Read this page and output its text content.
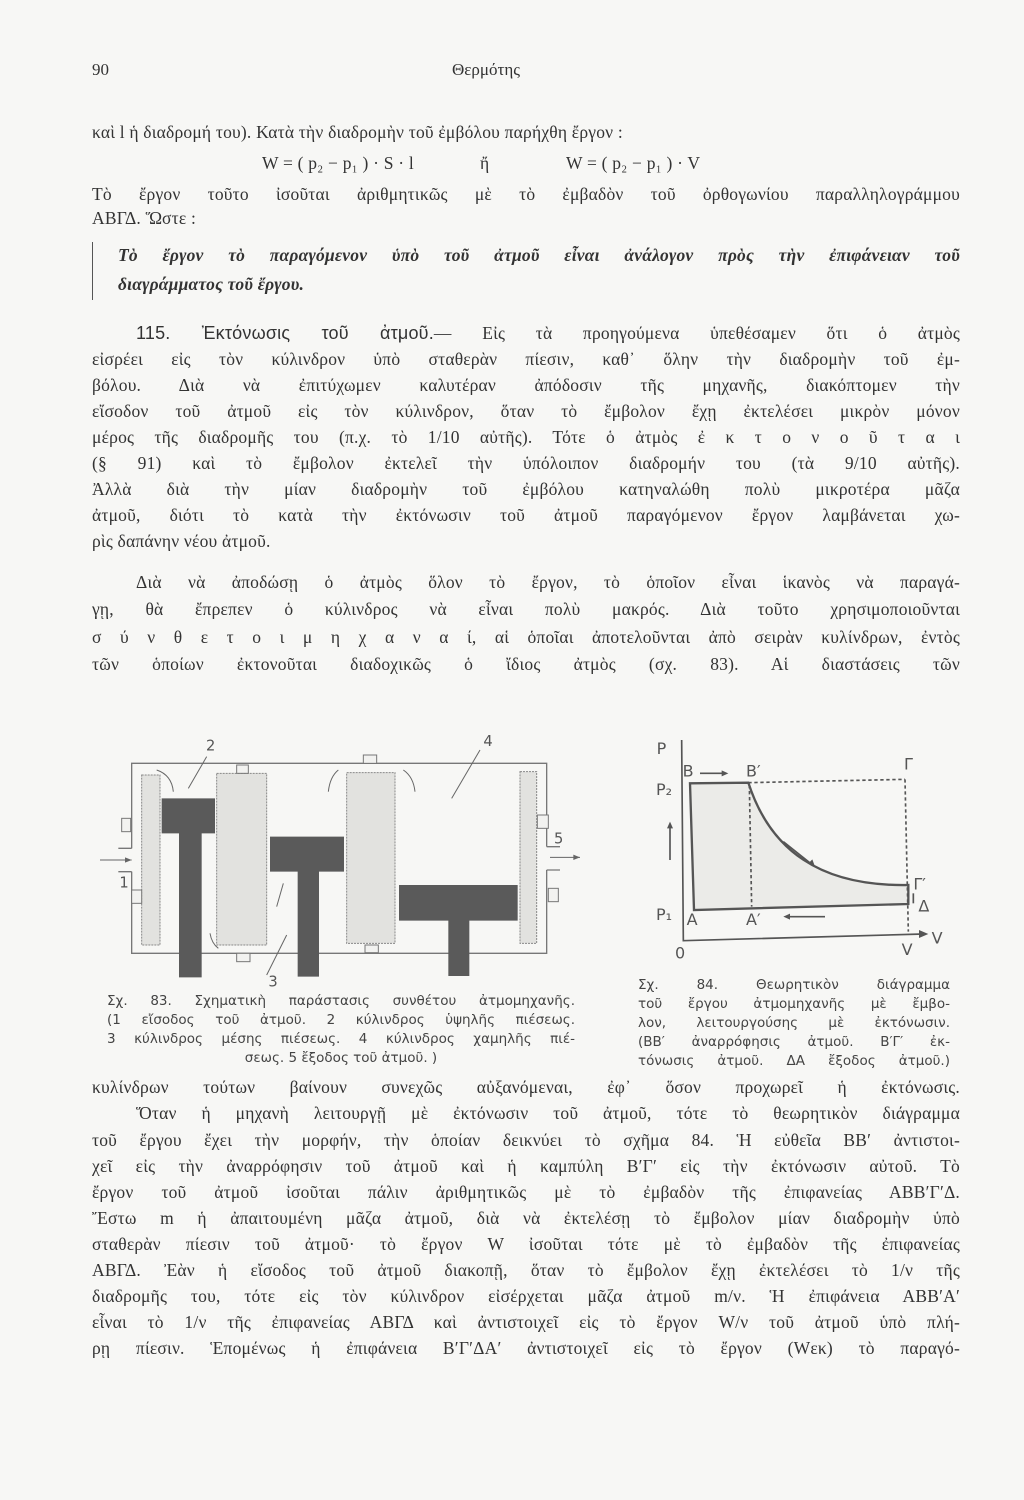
90	Θερμότης
καὶ l ἡ διαδρομή του). Κατὰ τὴν διαδρομὴν τοῦ ἐμβόλου παρήχθη ἔργον :
W = ( p₂ − p₁ ) · S · l	ἤ	W = ( p₂ − p₁ ) · V
Τὸ ἔργον τοῦτο ἰσοῦται ἀριθμητικῶς μὲ τὸ ἐμβαδὸν τοῦ ὀρθογωνίου παραλληλογράμμου
ΑΒΓΔ. Ὥστε :
Τὸ ἔργον τὸ παραγόμενον ὑπὸ τοῦ ἀτμοῦ εἶναι ἀνάλογον πρὸς τὴν ἐπιφάνειαν τοῦ
διαγράμματος τοῦ ἔργου.
115. Ἐκτόνωσις τοῦ ἀτμοῦ.— Εἰς τὰ προηγούμενα ὑπεθέσαμεν ὅτι ὁ ἀτμὸς
εἰσρέει εἰς τὸν κύλινδρον ὑπὸ σταθερὰν πίεσιν, καθ᾽ ὅλην τὴν διαδρομὴν τοῦ ἐμ-
βόλου. Διὰ νὰ ἐπιτύχωμεν καλυτέραν ἀπόδοσιν τῆς μηχανῆς, διακόπτομεν τὴν
εἴσοδον τοῦ ἀτμοῦ εἰς τὸν κύλινδρον, ὅταν τὸ ἔμβολον ἔχῃ ἐκτελέσει μικρὸν μόνον
μέρος τῆς διαδρομῆς του (π.χ. τὸ 1/10 αὐτῆς). Τότε ὁ ἀτμὸς ἐ κ τ ο ν ο ῦ τ α ι
(§ 91) καὶ τὸ ἔμβολον ἐκτελεῖ τὴν ὑπόλοιπον διαδρομήν του (τὰ 9/10 αὐτῆς).
Ἀλλὰ διὰ τὴν μίαν διαδρομὴν τοῦ ἐμβόλου κατηναλώθη πολὺ μικροτέρα μᾶζα
ἀτμοῦ, διότι τὸ κατὰ τὴν ἐκτόνωσιν τοῦ ἀτμοῦ παραγόμενον ἔργον λαμβάνεται χω-
ρὶς δαπάνην νέου ἀτμοῦ.
Διὰ νὰ ἀποδώσῃ ὁ ἀτμὸς ὅλον τὸ ἔργον, τὸ ὁποῖον εἶναι ἱκανὸς νὰ παραγά-
γῃ, θὰ ἔπρεπεν ὁ κύλινδρος νὰ εἶναι πολὺ μακρός. Διὰ τοῦτο χρησιμοποιοῦνται
σ ύ ν θ ε τ ο ι μ η χ α ν α ί, αἱ ὁποῖαι ἀποτελοῦνται ἀπὸ σειρὰν κυλίνδρων, ἐντὸς
τῶν ὁποίων ἐκτονοῦται διαδοχικῶς ὁ ἴδιος ἀτμὸς (σχ. 83). Αἱ διαστάσεις τῶν
2	4
5
1
3
P
B B′	Γ
P₂
P₁ A A′
Γ′
Δ
V
V
0
Σχ. 83. Σχηματικὴ παράστασις συνθέτου ἀτμομηχανῆς.
(1 εἴσοδος τοῦ ἀτμοῦ. 2 κύλινδρος ὑψηλῆς πιέσεως.
3 κύλινδρος μέσης πιέσεως. 4 κύλινδρος χαμηλῆς πιέ-
σεως. 5 ἔξοδος τοῦ ἀτμοῦ. )
Σχ. 84. Θεωρητικὸν διάγραμμα
τοῦ ἔργου ἀτμομηχανῆς μὲ ἔμβο-
λον, λειτουργούσης μὲ ἐκτόνωσιν.
(ΒΒ′ ἀναρρόφησις ἀτμοῦ. Β′Γ′ ἐκ-
τόνωσις ἀτμοῦ. ΔΑ ἔξοδος ἀτμοῦ.)
κυλίνδρων τούτων βαίνουν συνεχῶς αὐξανόμεναι, ἐφ᾽ ὅσον προχωρεῖ ἡ ἐκτόνωσις.
Ὅταν ἡ μηχανὴ λειτουργῇ μὲ ἐκτόνωσιν τοῦ ἀτμοῦ, τότε τὸ θεωρητικὸν διάγραμμα
τοῦ ἔργου ἔχει τὴν μορφήν, τὴν ὁποίαν δεικνύει τὸ σχῆμα 84. Ἡ εὐθεῖα ΒΒ′ ἀντιστοι-
χεῖ εἰς τὴν ἀναρρόφησιν τοῦ ἀτμοῦ καὶ ἡ καμπύλη Β′Γ′ εἰς τὴν ἐκτόνωσιν αὐτοῦ. Τὸ
ἔργον τοῦ ἀτμοῦ ἰσοῦται πάλιν ἀριθμητικῶς μὲ τὸ ἐμβαδὸν τῆς ἐπιφανείας ΑΒΒ′Γ′Δ.
Ἔστω m ἡ ἀπαιτουμένη μᾶζα ἀτμοῦ, διὰ νὰ ἐκτελέσῃ τὸ ἔμβολον μίαν διαδρομὴν ὑπὸ
σταθερὰν πίεσιν τοῦ ἀτμοῦ· τὸ ἔργον W ἰσοῦται τότε μὲ τὸ ἐμβαδὸν τῆς ἐπιφανείας
ΑΒΓΔ. Ἐὰν ἡ εἴσοδος τοῦ ἀτμοῦ διακοπῇ, ὅταν τὸ ἔμβολον ἔχῃ ἐκτελέσει τὸ 1/ν τῆς
διαδρομῆς του, τότε εἰς τὸν κύλινδρον εἰσέρχεται μᾶζα ἀτμοῦ m/ν. Ἡ ἐπιφάνεια ΑΒΒ′Α′
εἶναι τὸ 1/ν τῆς ἐπιφανείας ΑΒΓΔ καὶ ἀντιστοιχεῖ εἰς τὸ ἔργον W/ν τοῦ ἀτμοῦ ὑπὸ πλή-
ρῃ πίεσιν. Ἑπομένως ἡ ἐπιφάνεια Β′Γ′ΔΑ′ ἀντιστοιχεῖ εἰς τὸ ἔργον (Wεκ) τὸ παραγό-
